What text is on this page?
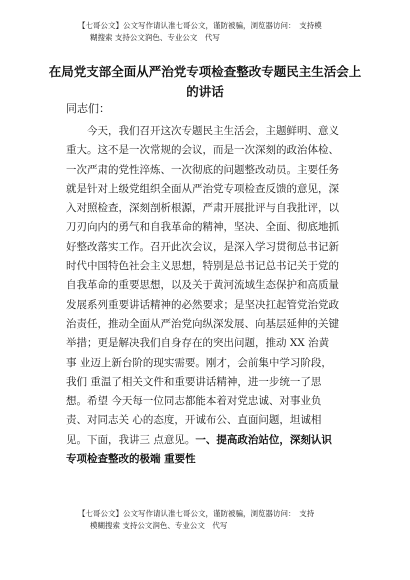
【七哥公文】公文写作请认准七哥公文，谨防被骗，浏览器访问：　支持模
糊搜索 支持公文润色、专业公文　代写
在局党支部全面从严治党专项检查整改专题民主生活会上
的讲话
同志们：
今天，我们召开这次专题民主生活会，主题鲜明、意义
重大。这不是一次常规的会议，而是一次深刻的政治体检、
一次严肃的党性淬炼、一次彻底的问题整改动员。主要任务
就是针对上级党组织全面从严治党专项检查反馈的意见，深
入对照检查，深刻剖析根源，严肃开展批评与自我批评，以
刀刃向内的勇气和自我革命的精神，坚决、全面、彻底地抓
好整改落实工作。召开此次会议，是深入学习贯彻总书记新
时代中国特色社会主义思想，特别是总书记总书记关于党的
自我革命的重要思想，以及关于黄河流域生态保护和高质量
发展系列重要讲话精神的必然要求；是坚决扛起管党治党政
治责任，推动全面从严治党向纵深发展、向基层延伸的关键
举措；更是解决我们自身存在的突出问题，推动 XX 治黄
事 业迈上新台阶的现实需要。刚才，会前集中学习阶段，
我们 重温了相关文件和重要讲话精神，进一步统一了思
想。希望 今天每一位同志都能本着对党忠诚、对事业负
责、对同志关 心的态度，开诚布公、直面问题，坦诚相
见。下面，我讲三 点意见。一、提高政治站位，深刻认识
专项检查整改的极端 重要性
【七哥公文】公文写作请认准七哥公文，谨防被骗，浏览器访问：　支持
模糊搜索 支持公文润色、专业公文　代写
